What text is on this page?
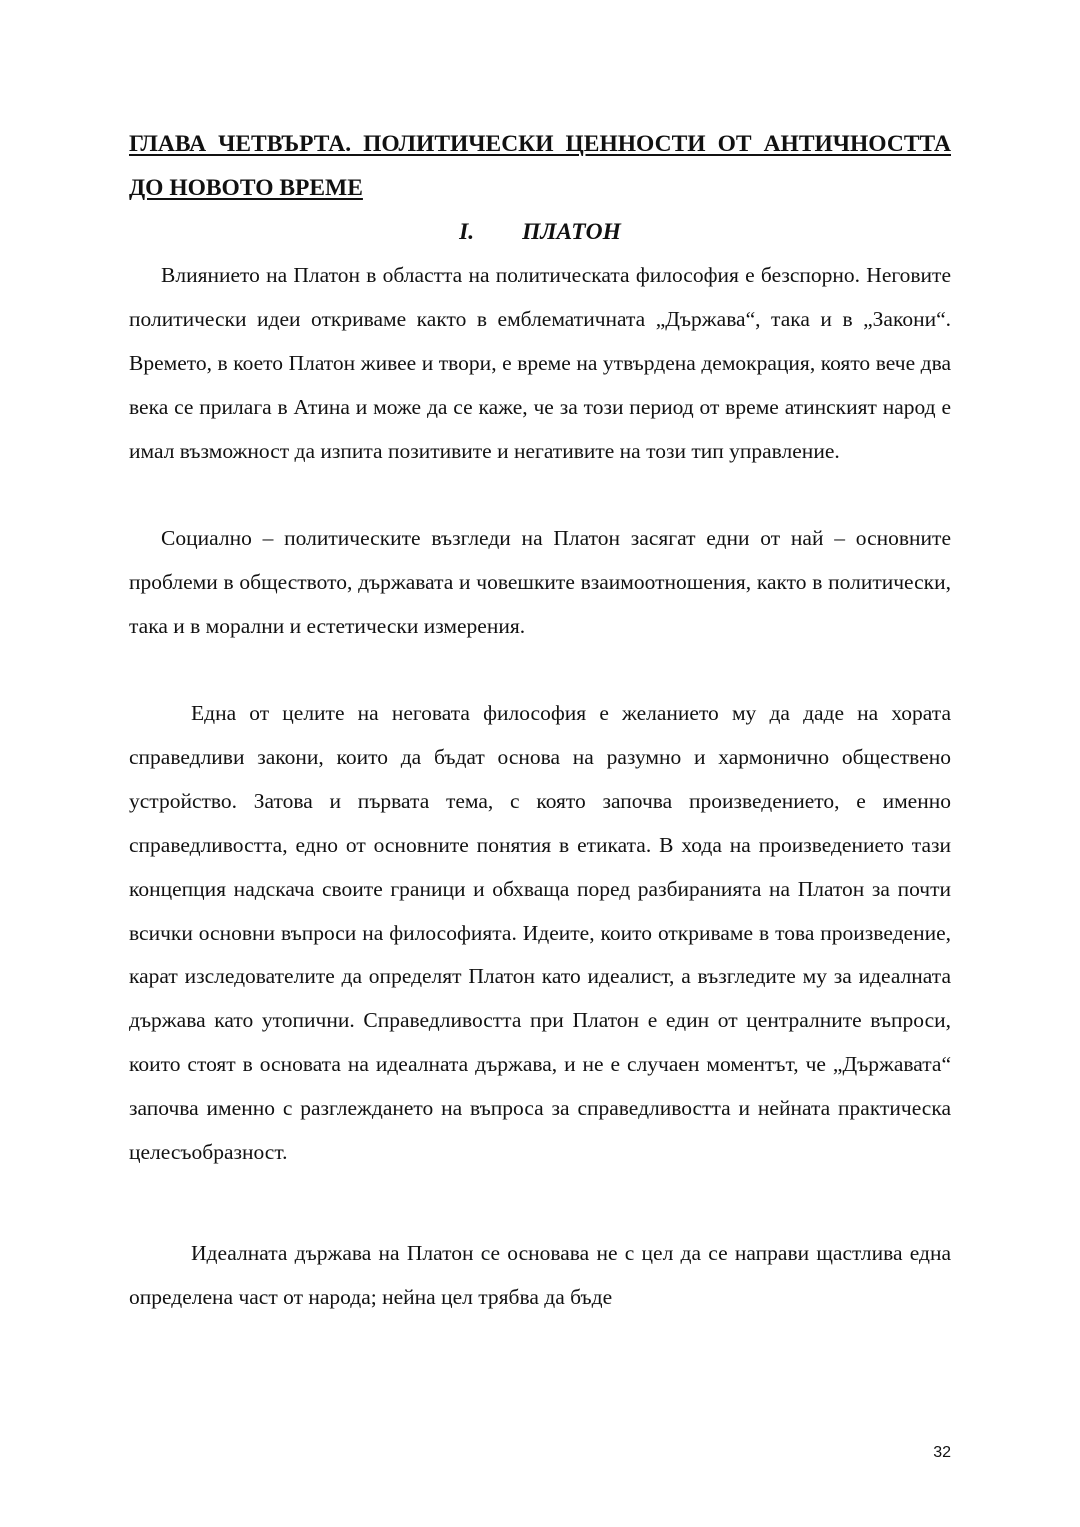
ГЛАВА ЧЕТВЪРТА. ПОЛИТИЧЕСКИ ЦЕННОСТИ ОТ АНТИЧНОСТТА ДО НОВОТО ВРЕМЕ
I. ПЛАТОН

Влиянието на Платон в областта на политическата философия е безспорно. Неговите политически идеи откриваме както в емблематичната „Държава“, така и в „Закони“. Времето, в което Платон живее и твори, е време на утвърдена демокрация, която вече два века се прилага в Атина и може да се каже, че за този период от време атинският народ е имал възможност да изпита позитивите и негативите на този тип управление.

Социално – политическите възгледи на Платон засягат едни от най – основните проблеми в обществото, държавата и човешките взаимоотношения, както в политически, така и в морални и естетически измерения.

Една от целите на неговата философия е желанието му да даде на хората справедливи закони, които да бъдат основа на разумно и хармонично обществено устройство. Затова и първата тема, с която започва произведението, е именно справедливостта, едно от основните понятия в етиката. В хода на произведението тази концепция надскача своите граници и обхваща поред разбиранията на Платон за почти всички основни въпроси на философията. Идеите, които откриваме в това произведение, карат изследователите да определят Платон като идеалист, а възгледите му за идеалната държава като утопични. Справедливостта при Платон е един от централните въпроси, които стоят в основата на идеалната държава, и не е случаен моментът, че „Държавата“ започва именно с разглеждането на въпроса за справедливостта и нейната практическа целесъобразност.

Идеалната държава на Платон се основава не с цел да се направи щастлива една определена част от народа; нейна цел трябва да бъде

32
